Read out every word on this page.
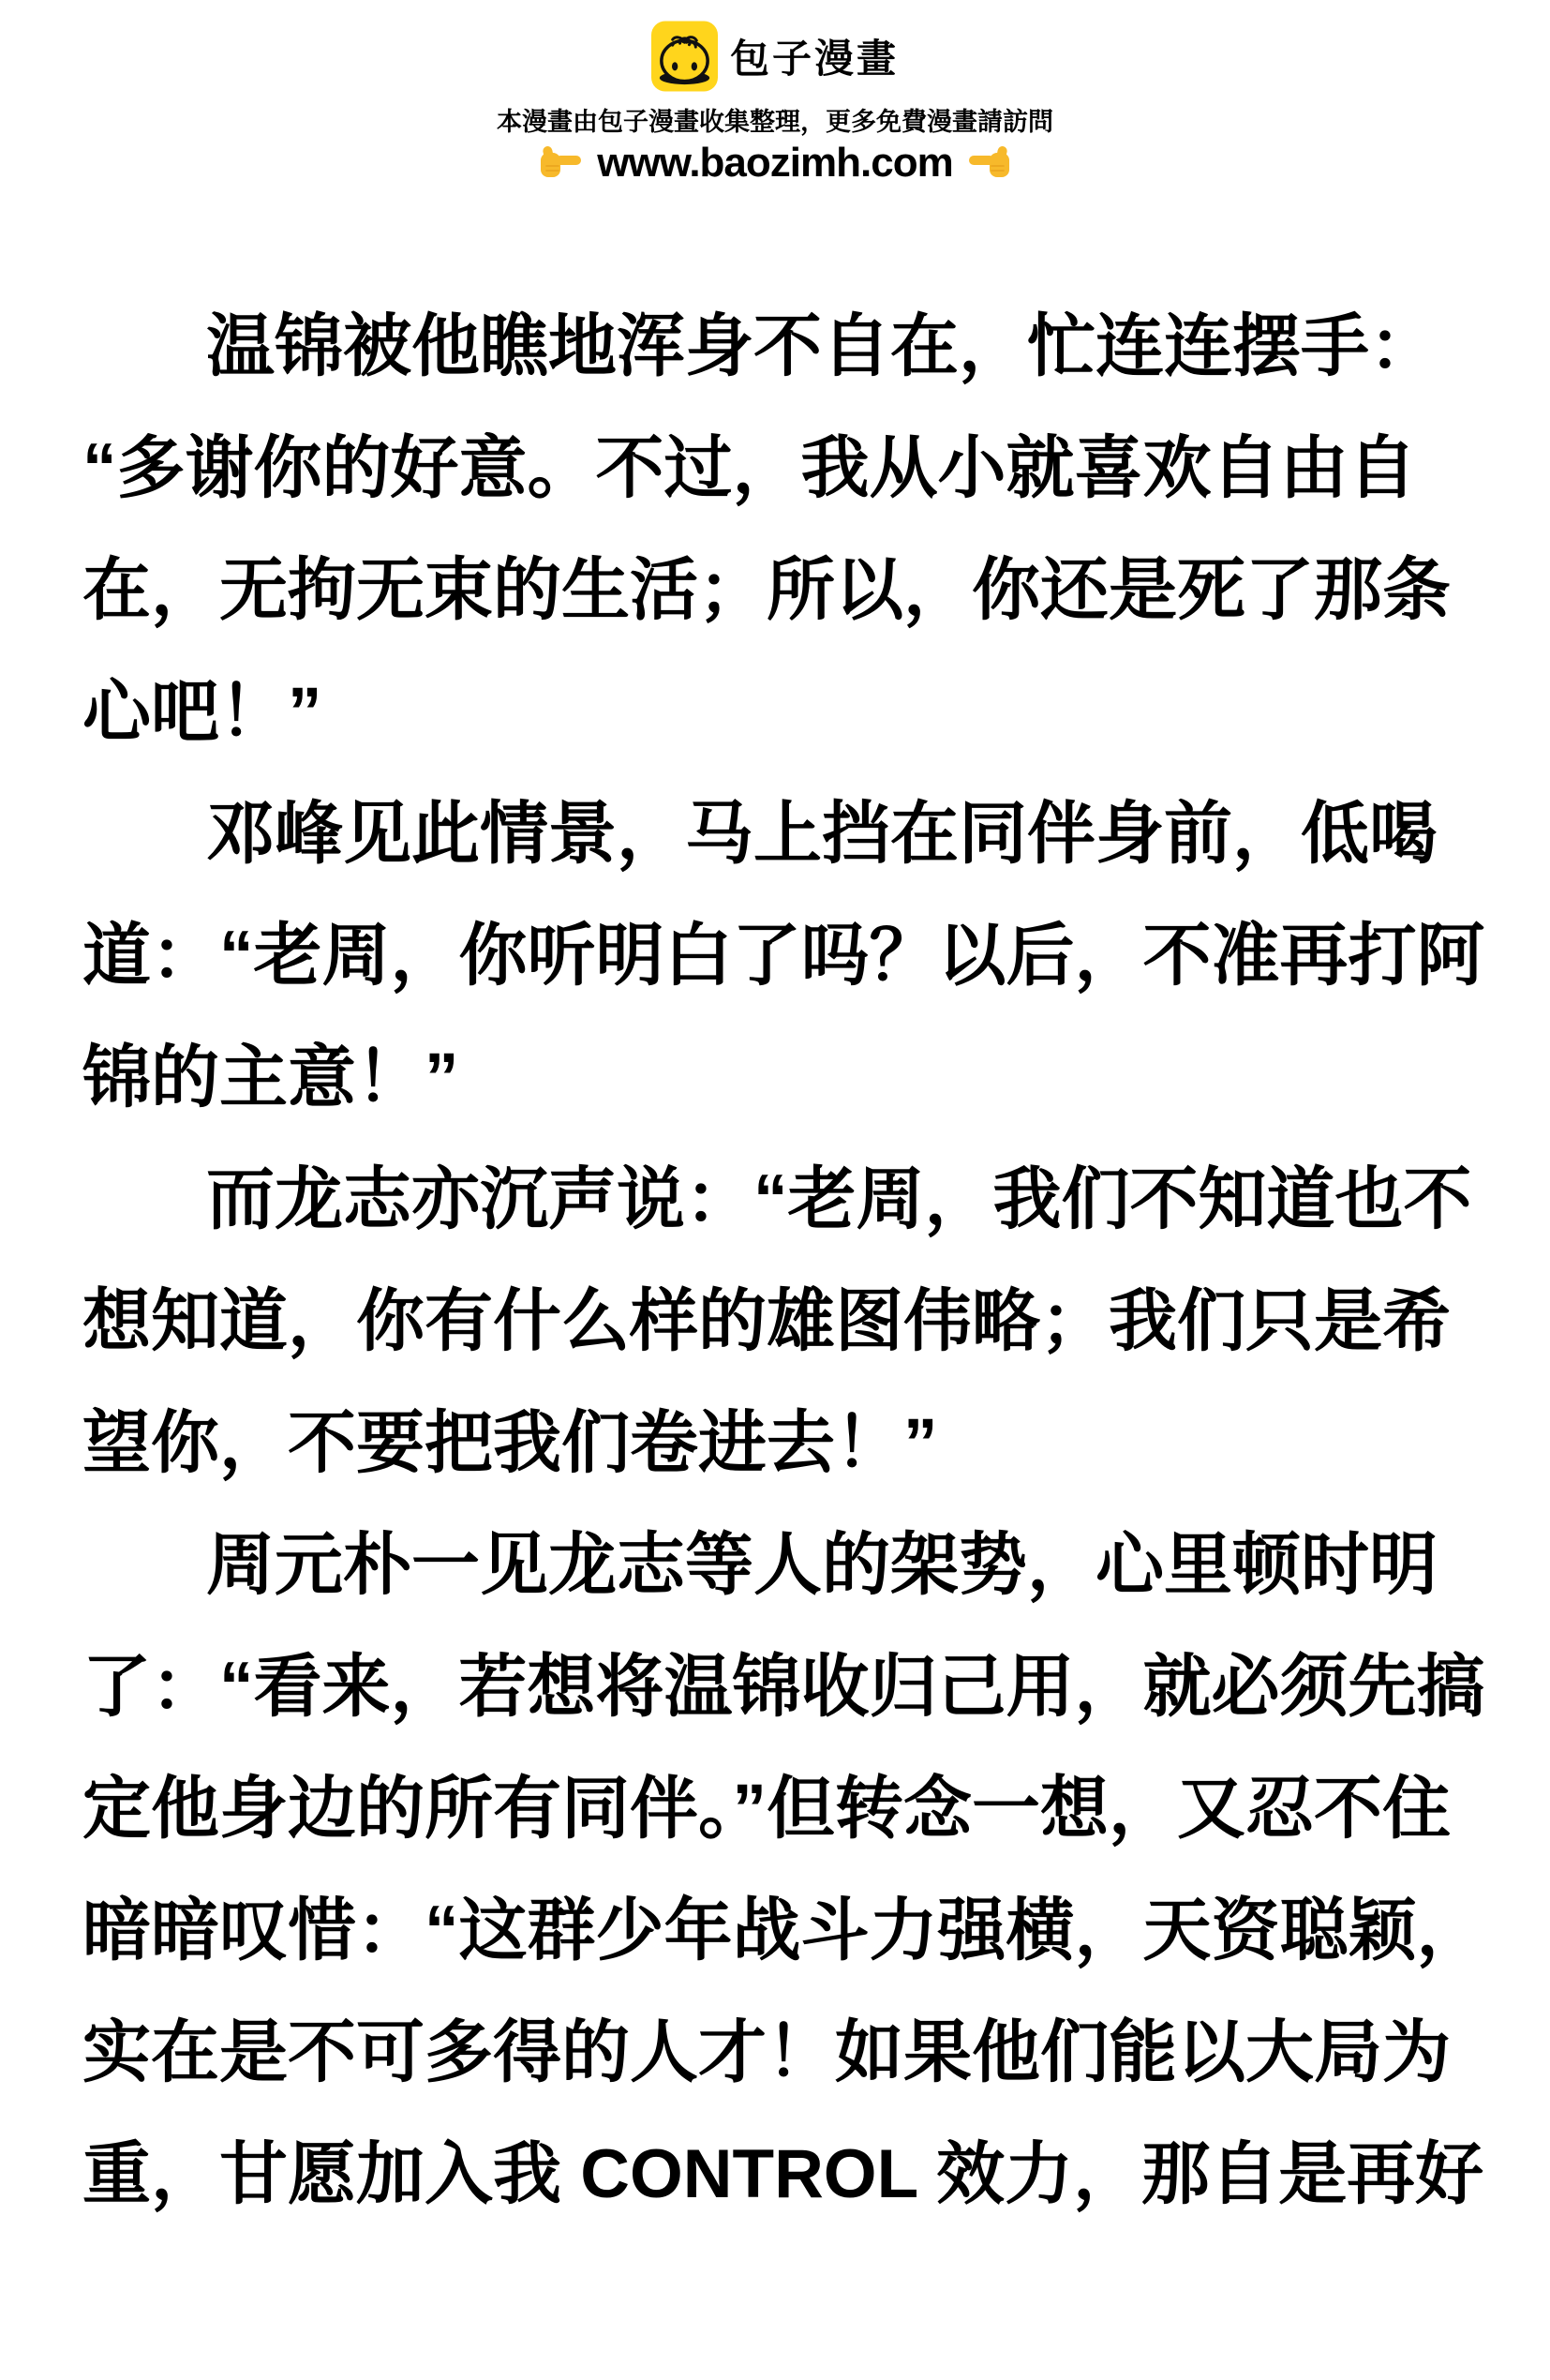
包子漫畫
本漫畫由包子漫畫收集整理，更多免費漫畫請訪問
www.baozimh.com
温锦被他瞧地浑身不自在，忙连连摆手：
“多谢你的好意。不过，我从小就喜欢自由自
在，无拘无束的生活；所以，你还是死了那条
心吧！”
邓峰见此情景，马上挡在同伴身前，低喝
道：“老周，你听明白了吗？以后，不准再打阿
锦的主意！”
而龙志亦沉声说：“老周，我们不知道也不
想知道，你有什么样的雄图伟略；我们只是希
望你，不要把我们卷进去！”
周元朴一见龙志等人的架势，心里顿时明
了：“看来，若想将温锦收归己用，就必须先搞
定他身边的所有同伴。”但转念一想，又忍不住
暗暗叹惜：“这群少年战斗力强横，天资聪颖，
实在是不可多得的人才！如果他们能以大局为
重，甘愿加入我 CONTROL 效力，那自是再好
